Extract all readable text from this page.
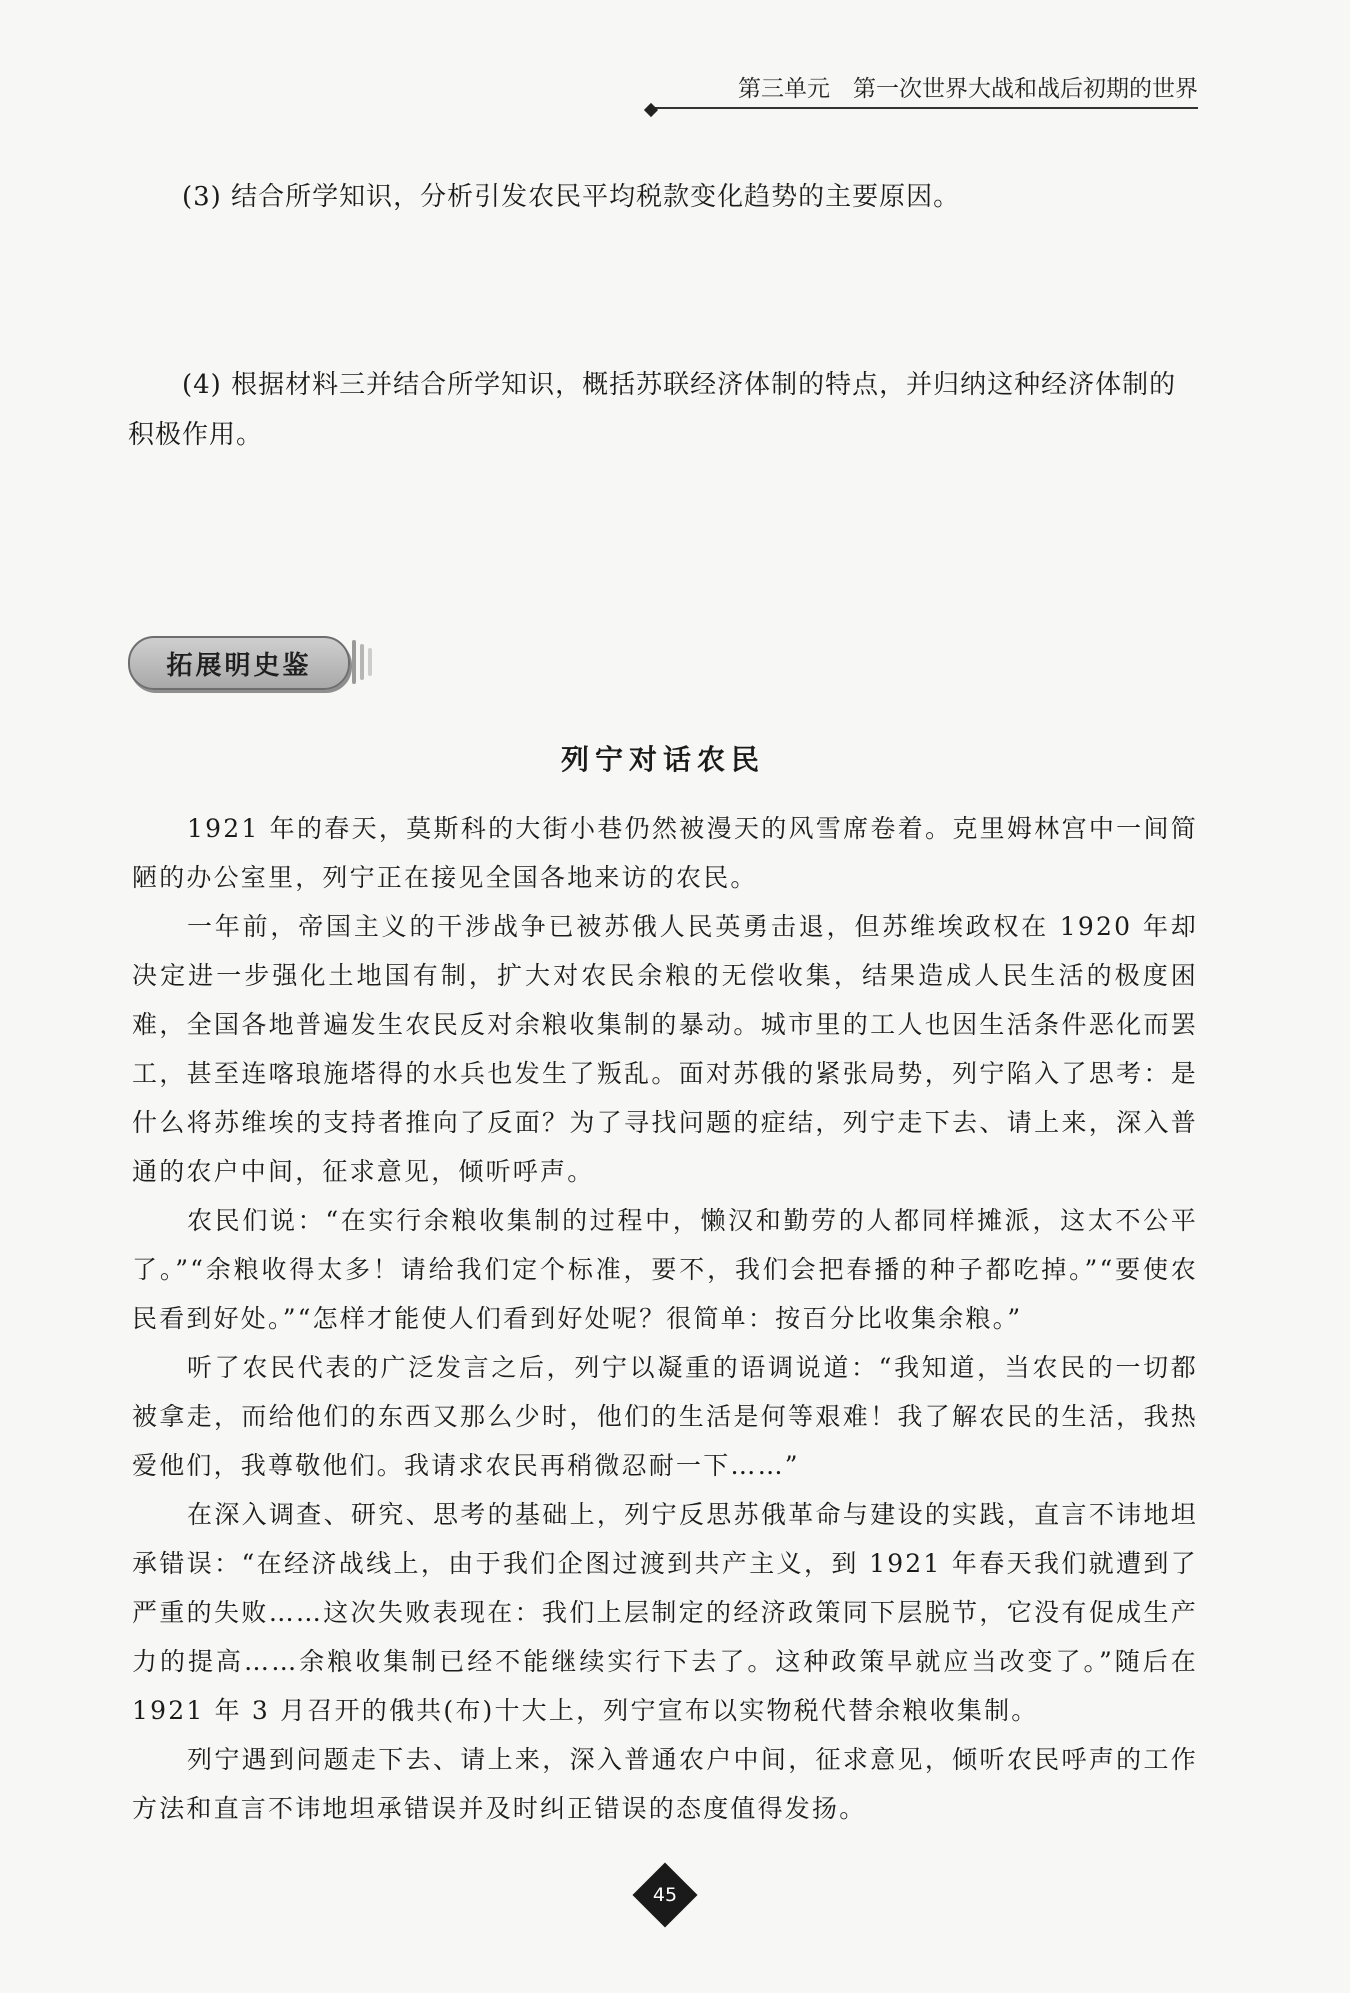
第三单元　第一次世界大战和战后初期的世界
(3) 结合所学知识，分析引发农民平均税款变化趋势的主要原因。
(4) 根据材料三并结合所学知识，概括苏联经济体制的特点，并归纳这种经济体制的积极作用。
拓展明史鉴
列宁对话农民

1921 年的春天，莫斯科的大街小巷仍然被漫天的风雪席卷着。克里姆林宫中一间简陋的办公室里，列宁正在接见全国各地来访的农民。

一年前，帝国主义的干涉战争已被苏俄人民英勇击退，但苏维埃政权在 1920 年却决定进一步强化土地国有制，扩大对农民余粮的无偿收集，结果造成人民生活的极度困难，全国各地普遍发生农民反对余粮收集制的暴动。城市里的工人也因生活条件恶化而罢工，甚至连喀琅施塔得的水兵也发生了叛乱。面对苏俄的紧张局势，列宁陷入了思考：是什么将苏维埃的支持者推向了反面？为了寻找问题的症结，列宁走下去、请上来，深入普通的农户中间，征求意见，倾听呼声。

农民们说：“在实行余粮收集制的过程中，懒汉和勤劳的人都同样摊派，这太不公平了。”“余粮收得太多！请给我们定个标准，要不，我们会把春播的种子都吃掉。”“要使农民看到好处。”“怎样才能使人们看到好处呢？很简单：按百分比收集余粮。”

听了农民代表的广泛发言之后，列宁以凝重的语调说道：“我知道，当农民的一切都被拿走，而给他们的东西又那么少时，他们的生活是何等艰难！我了解农民的生活，我热爱他们，我尊敬他们。我请求农民再稍微忍耐一下……”

在深入调查、研究、思考的基础上，列宁反思苏俄革命与建设的实践，直言不讳地坦承错误：“在经济战线上，由于我们企图过渡到共产主义，到 1921 年春天我们就遭到了严重的失败……这次失败表现在：我们上层制定的经济政策同下层脱节，它没有促成生产力的提高……余粮收集制已经不能继续实行下去了。这种政策早就应当改变了。”随后在 1921 年 3 月召开的俄共(布)十大上，列宁宣布以实物税代替余粮收集制。

列宁遇到问题走下去、请上来，深入普通农户中间，征求意见，倾听农民呼声的工作方法和直言不讳地坦承错误并及时纠正错误的态度值得发扬。

45
